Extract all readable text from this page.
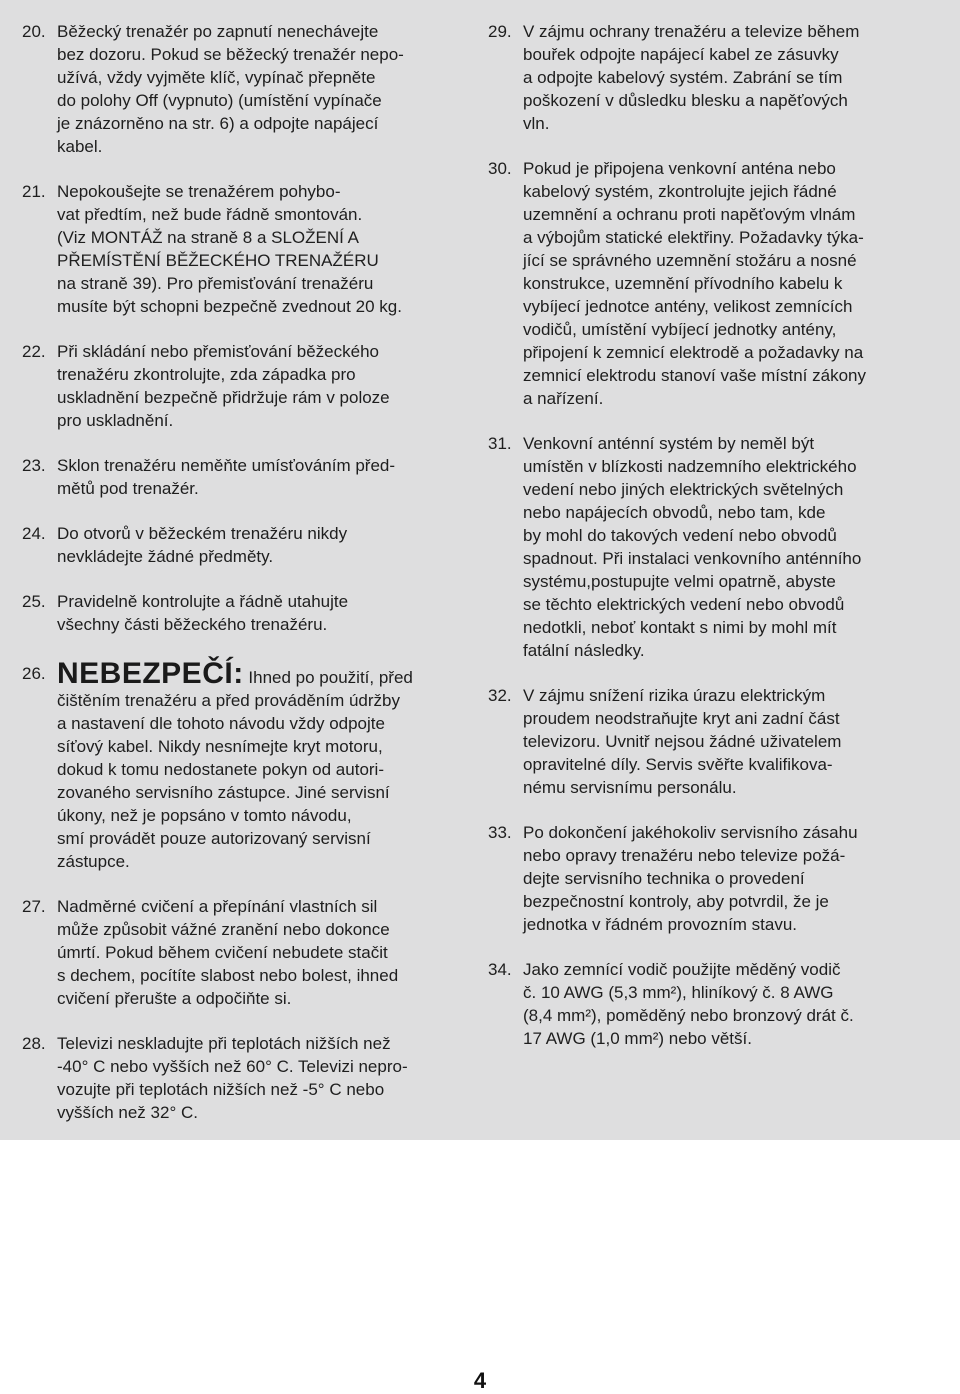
20. Běžecký trenažér po zapnutí nenechávejte
bez dozoru. Pokud se běžecký trenažér nepo-
užívá, vždy vyjměte klíč, vypínač přepněte
do polohy Off (vypnuto) (umístění vypínače
je znázorněno na str. 6) a odpojte napájecí
kabel.
21. Nepokoušejte se trenažérem pohybo-
vat předtím, než bude řádně smontován.
(Viz MONTÁŽ na straně 8 a SLOŽENÍ A
PŘEMÍSTĚNÍ BĚŽECKÉHO TRENAŽÉRU
na straně 39). Pro přemisťování trenažéru
musíte být schopni bezpečně zvednout 20 kg.
22. Při skládání nebo přemisťování běžeckého
trenažéru zkontrolujte, zda západka pro
uskladnění bezpečně přidržuje rám v poloze
pro uskladnění.
23. Sklon trenažéru neměňte umísťováním před-
mětů pod trenažér.
24. Do otvorů v běžeckém trenažéru nikdy
nevkládejte žádné předměty.
25. Pravidelně kontrolujte a řádně utahujte
všechny části běžeckého trenažéru.
26. NEBEZPEČÍ: Ihned po použití, před
čištěním trenažéru a před prováděním údržby
a nastavení dle tohoto návodu vždy odpojte
síťový kabel. Nikdy nesnímejte kryt motoru,
dokud k tomu nedostanete pokyn od autori-
zovaného servisního zástupce. Jiné servisní
úkony, než je popsáno v tomto návodu,
smí provádět pouze autorizovaný servisní
zástupce.
27. Nadměrné cvičení a přepínání vlastních sil
může způsobit vážné zranění nebo dokonce
úmrtí. Pokud během cvičení nebudete stačit
s dechem, pocítíte slabost nebo bolest, ihned
cvičení přerušte a odpočiňte si.
28. Televizi neskladujte při teplotách nižších než
-40° C nebo vyšších než 60° C. Televizi nepro-
vozujte při teplotách nižších než -5° C nebo
vyšších než 32° C.
29. V zájmu ochrany trenažéru a televize během
bouřek odpojte napájecí kabel ze zásuvky
a odpojte kabelový systém. Zabrání se tím
poškození v důsledku blesku a napěťových
vln.
30. Pokud je připojena venkovní anténa nebo
kabelový systém, zkontrolujte jejich řádné
uzemnění a ochranu proti napěťovým vlnám
a výbojům statické elektřiny. Požadavky týka-
jící se správného uzemnění stožáru a nosné
konstrukce, uzemnění přívodního kabelu k
vybíjecí jednotce antény, velikost zemnících
vodičů, umístění vybíjecí jednotky antény,
připojení k zemnicí elektrodě a požadavky na
zemnicí elektrodu stanoví vaše místní zákony
a nařízení.
31. Venkovní anténní systém by neměl být
umístěn v blízkosti nadzemního elektrického
vedení nebo jiných elektrických světelných
nebo napájecích obvodů, nebo tam, kde
by mohl do takových vedení nebo obvodů
spadnout. Při instalaci venkovního anténního
systému,postupujte velmi opatrně, abyste
se těchto elektrických vedení nebo obvodů
nedotkli, neboť kontakt s nimi by mohl mít
fatální následky.
32. V zájmu snížení rizika úrazu elektrickým
proudem neodstraňujte kryt ani zadní část
televizoru. Uvnitř nejsou žádné uživatelem
opravitelné díly. Servis svěřte kvalifikova-
nému servisnímu personálu.
33. Po dokončení jakéhokoliv servisního zásahu
nebo opravy trenažéru nebo televize požá-
dejte servisního technika o provedení
bezpečnostní kontroly, aby potvrdil, že je
jednotka v řádném provozním stavu.
34. Jako zemnící vodič použijte měděný vodič
č. 10 AWG (5,3 mm²), hliníkový č. 8 AWG
(8,4 mm²), poměděný nebo bronzový drát č.
17 AWG (1,0 mm²) nebo větší.
4
